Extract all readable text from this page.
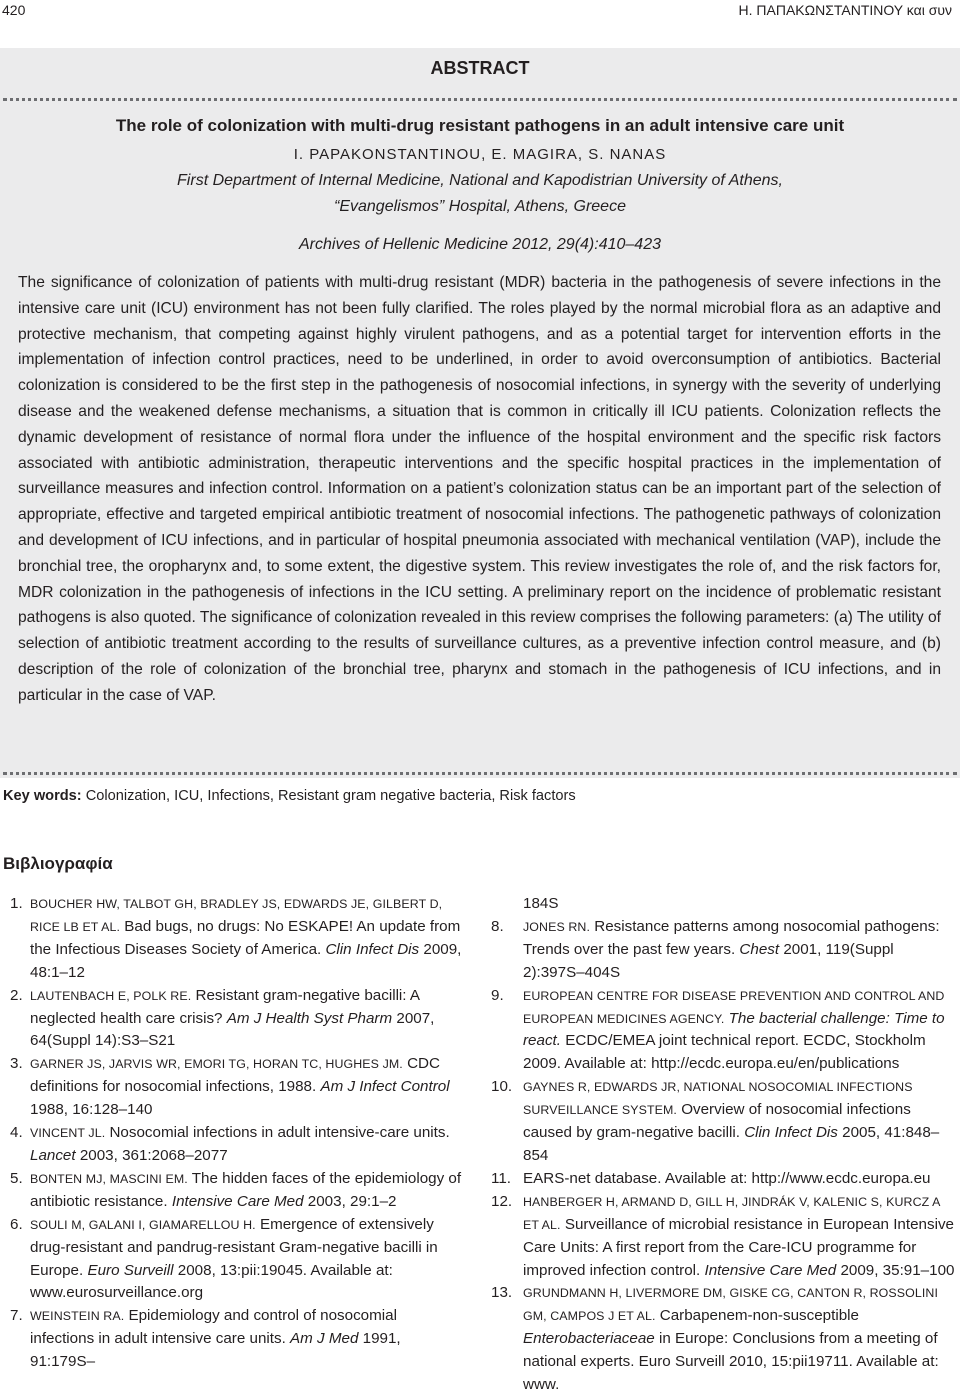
420	Η. ΠΑΠΑΚΩΝΣΤΑΝΤΙΝΟΥ και συν
ABSTRACT
The role of colonization with multi-drug resistant pathogens in an adult intensive care unit
I. PAPAKONSTANTINOU, E. MAGIRA, S. NANAS
First Department of Internal Medicine, National and Kapodistrian University of Athens,
“Evangelismos” Hospital, Athens, Greece
Archives of Hellenic Medicine 2012, 29(4):410–423

The significance of colonization of patients with multi-drug resistant (MDR) bacteria in the pathogenesis of severe infections in the intensive care unit (ICU) environment has not been fully clarified. The roles played by the normal microbial flora as an adaptive and protective mechanism, that competing against highly virulent pathogens, and as a potential target for intervention efforts in the implementation of infection control practices, need to be underlined, in order to avoid overconsumption of antibiotics. Bacterial colonization is considered to be the first step in the pathogenesis of nosocomial infections, in synergy with the severity of underlying disease and the weakened defense mechanisms, a situation that is common in critically ill ICU patients. Colonization reflects the dynamic development of resistance of normal flora under the influence of the hospital environment and the specific risk factors associated with antibiotic administration, therapeutic interventions and the specific hospital practices in the implementation of surveillance measures and infection control. Information on a patient’s colonization status can be an important part of the selection of appropriate, effective and targeted empirical antibiotic treatment of nosocomial infections. The pathogenetic pathways of colonization and development of ICU infections, and in particular of hospital pneumonia associated with mechanical ventilation (VAP), include the bronchial tree, the oropharynx and, to some extent, the digestive system. This review investigates the role of, and the risk factors for, MDR colonization in the pathogenesis of infections in the ICU setting. A preliminary report on the incidence of problematic resistant pathogens is also quoted. The significance of colonization revealed in this review comprises the following parameters: (a) The utility of selection of antibiotic treatment according to the results of surveillance cultures, as a preventive infection control measure, and (b) description of the role of colonization of the bronchial tree, pharynx and stomach in the pathogenesis of ICU infections, and in particular in the case of VAP.

Key words: Colonization, ICU, Infections, Resistant gram negative bacteria, Risk factors
Βιβλιογραφία

1. BOUCHER HW, TALBOT GH, BRADLEY JS, EDWARDS JE, GILBERT D, RICE LB ET AL. Bad bugs, no drugs: No ESKAPE! An update from the Infectious Diseases Society of America. Clin Infect Dis 2009, 48:1–12

2. LAUTENBACH E, POLK RE. Resistant gram-negative bacilli: A neglected health care crisis? Am J Health Syst Pharm 2007, 64(Suppl 14):S3–S21

3. GARNER JS, JARVIS WR, EMORI TG, HORAN TC, HUGHES JM. CDC definitions for nosocomial infections, 1988. Am J Infect Control 1988, 16:128–140

4. VINCENT JL. Nosocomial infections in adult intensive-care units. Lancet 2003, 361:2068–2077

5. BONTEN MJ, MASCINI EM. The hidden faces of the epidemiology of antibiotic resistance. Intensive Care Med 2003, 29:1–2

6. SOULI M, GALANI I, GIAMARELLOU H. Emergence of extensively drug-resistant and pandrug-resistant Gram-negative bacilli in Europe. Euro Surveill 2008, 13:pii:19045. Available at: www.eurosurveillance.org

7. WEINSTEIN RA. Epidemiology and control of nosocomial infections in adult intensive care units. Am J Med 1991, 91:179S–

184S

8. JONES RN. Resistance patterns among nosocomial pathogens: Trends over the past few years. Chest 2001, 119(Suppl 2):397S–404S

9. EUROPEAN CENTRE FOR DISEASE PREVENTION AND CONTROL AND EUROPEAN MEDICINES AGENCY. The bacterial challenge: Time to react. ECDC/EMEA joint technical report. ECDC, Stockholm 2009. Available at: http://ecdc.europa.eu/en/publications

10. GAYNES R, EDWARDS JR, NATIONAL NOSOCOMIAL INFECTIONS SURVEILLANCE SYSTEM. Overview of nosocomial infections caused by gram-negative bacilli. Clin Infect Dis 2005, 41:848–854

11. EARS-net database. Available at: http://www.ecdc.europa.eu

12. HANBERGER H, ARMAND D, GILL H, JINDRÁK V, KALENIC S, KURCZ A ET AL. Surveillance of microbial resistance in European Intensive Care Units: A first report from the Care-ICU programme for improved infection control. Intensive Care Med 2009, 35:91–100

13. GRUNDMANN H, LIVERMORE DM, GISKE CG, CANTON R, ROSSOLINI GM, CAMPOS J ET AL. Carbapenem-non-susceptible Enterobacteriaceae in Europe: Conclusions from a meeting of national experts. Euro Surveill 2010, 15:pii19711. Available at: www.
